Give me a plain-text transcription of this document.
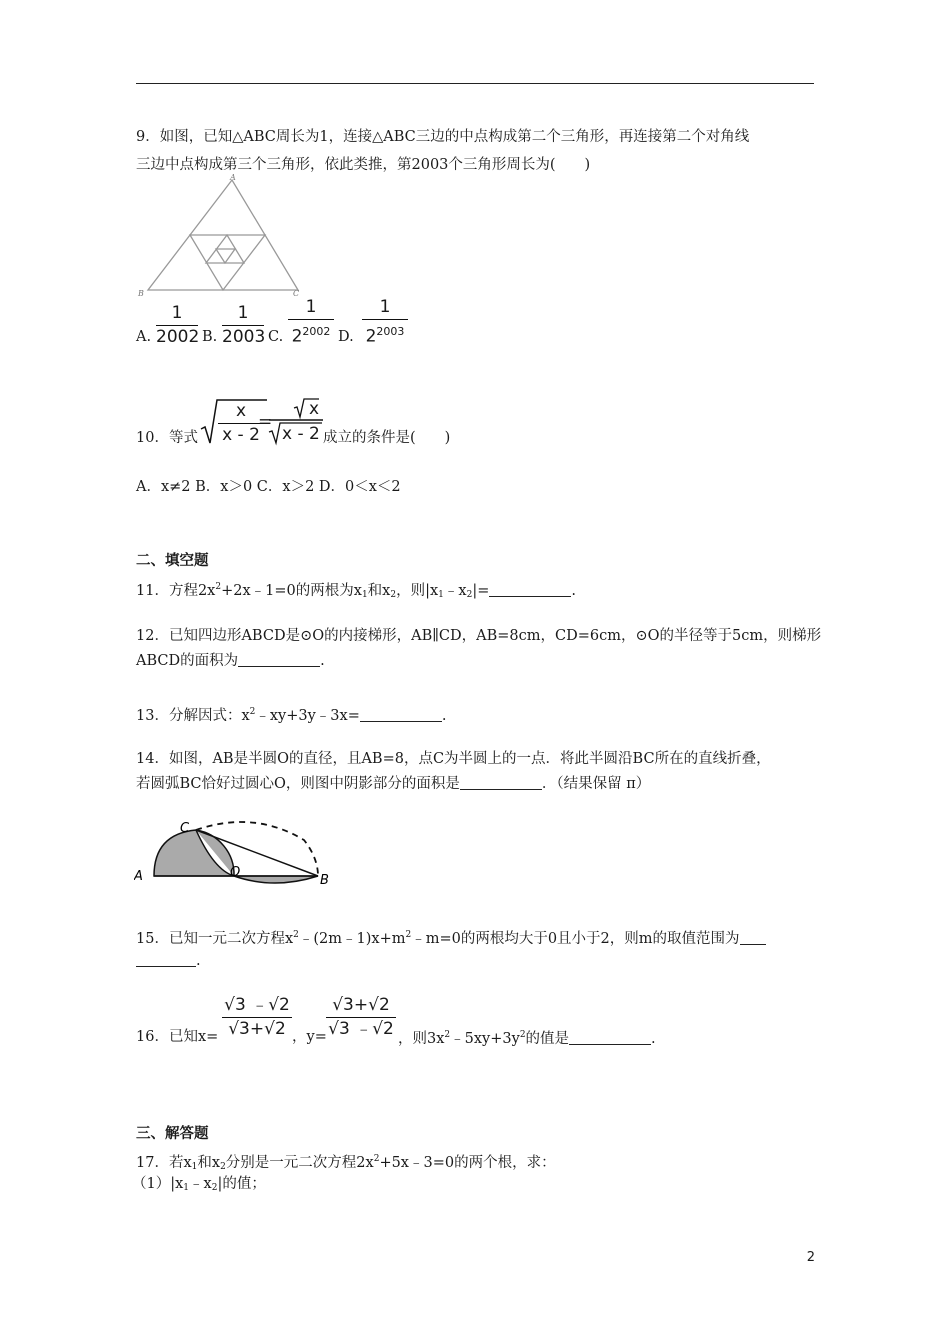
9．如图，已知△ABC周长为1，连接△ABC三边的中点构成第二个三角形，再连接第二个对角线
三边中点构成第三个三角形，依此类推，第2003个三角形周长为(　　)
A
B	C
A.
1
2002 B.
1
2003 C.
1
$2^{2002}$ D.
1
$2^{2003}$
10．等式
x
x - 2
=
x
x - 2 成立的条件是(　　)
A．x≠2 B．x＞0 C．x＞2 D．0＜x＜2
二、填空题
11．方程$2x^2+2x﹣1=0$的两根为$x_1$和$x_2$，则$|x_1﹣x_2|=$	.
12．已知四边形ABCD是⊙O的内接梯形，AB∥CD，AB=8cm，CD=6cm，⊙O的半径等于5cm，则梯形
ABCD的面积为	.
13．分解因式：$x^2﹣xy+3y﹣3x=$	.
14．如图，AB是半圆O的直径，且AB=8，点C为半圆上的一点．将此半圆沿BC所在的直线折叠，
若圆弧BC恰好过圆心O，则图中阴影部分的面积是	．（结果保留 π）
A	O
B
C
15．已知一元二次方程$x^2﹣(2m﹣1)x+m^2﹣m=0$的两根均大于0且小于2，则m的取值范围为
.
16．已知x=
√3 ﹣√2
√3+√2 ，y=
√3+√2
√3 ﹣√2 ，则$3x^2﹣5xy+3y^2$的值是	.
三、解答题
17．若$x_1$和$x_2$分别是一元二次方程$2x^2+5x﹣3=0$的两个根，求：
$(1)|x_1﹣x_2|$的值；
2
